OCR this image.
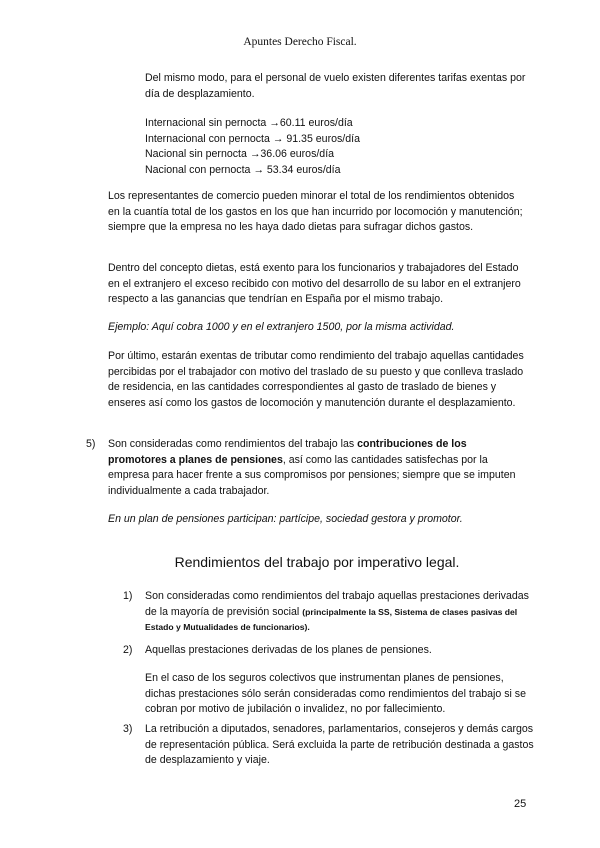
Apuntes Derecho Fiscal.
Del mismo modo, para el personal de vuelo existen diferentes tarifas exentas por día de desplazamiento.
Internacional sin pernocta →60.11 euros/día
Internacional con pernocta → 91.35 euros/día
Nacional sin pernocta →36.06 euros/día
Nacional con pernocta → 53.34 euros/día
Los representantes de comercio pueden minorar el total de los rendimientos obtenidos en la cuantía total de los gastos en los que han incurrido por locomoción y manutención; siempre que la empresa no les haya dado dietas para sufragar dichos gastos.
Dentro del concepto dietas, está exento para los funcionarios y trabajadores del Estado en el extranjero el exceso recibido con motivo del desarrollo de su labor en el extranjero respecto a las ganancias que tendrían en España por el mismo trabajo.
Ejemplo: Aquí cobra 1000 y en el extranjero 1500, por la misma actividad.
Por último, estarán exentas de tributar como rendimiento del trabajo aquellas cantidades percibidas por el trabajador con motivo del traslado de su puesto y que conlleva traslado de residencia, en las cantidades correspondientes al gasto de traslado de bienes y enseres así como los gastos de locomoción y manutención durante el desplazamiento.
5) Son consideradas como rendimientos del trabajo las contribuciones de los promotores a planes de pensiones, así como las cantidades satisfechas por la empresa para hacer frente a sus compromisos por pensiones; siempre que se imputen individualmente a cada trabajador.
En un plan de pensiones participan: partícipe, sociedad gestora y promotor.
Rendimientos del trabajo por imperativo legal.
1) Son consideradas como rendimientos del trabajo aquellas prestaciones derivadas de la mayoría de previsión social (principalmente la SS, Sistema de clases pasivas del Estado y Mutualidades de funcionarios).
2) Aquellas prestaciones derivadas de los planes de pensiones.
En el caso de los seguros colectivos que instrumentan planes de pensiones, dichas prestaciones sólo serán consideradas como rendimientos del trabajo si se cobran por motivo de jubilación o invalidez, no por fallecimiento.
3) La retribución a diputados, senadores, parlamentarios, consejeros y demás cargos de representación pública. Será excluida la parte de retribución destinada a gastos de desplazamiento y viaje.
25
